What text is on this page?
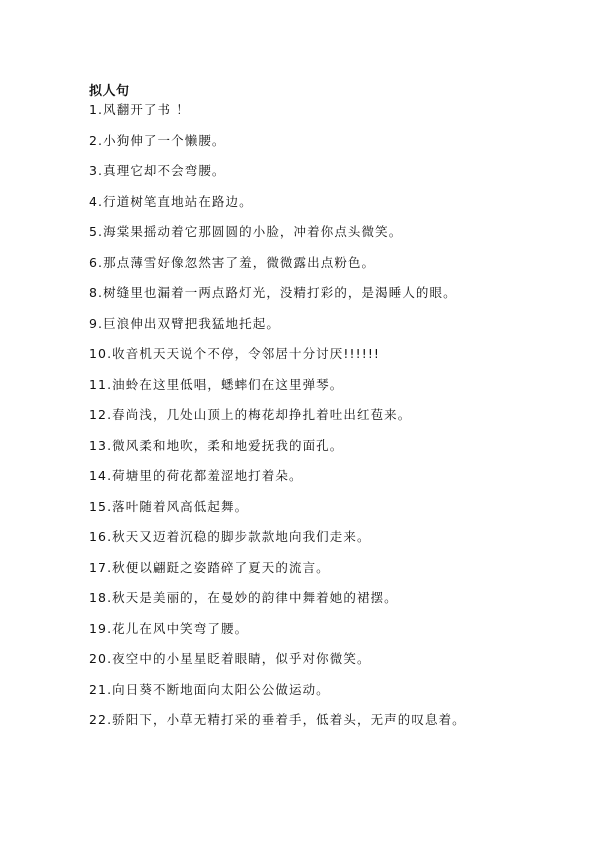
拟人句
1.风翻开了书 ！
2.小狗伸了一个懒腰。
3.真理它却不会弯腰。
4.行道树笔直地站在路边。
5.海棠果摇动着它那圆圆的小脸，冲着你点头微笑。
6.那点薄雪好像忽然害了羞，微微露出点粉色。
8.树缝里也漏着一两点路灯光，没精打彩的，是渴睡人的眼。
9.巨浪伸出双臂把我猛地托起。
10.收音机天天说个不停，令邻居十分讨厌!!!!!!
11.油蛉在这里低唱，蟋蟀们在这里弹琴。
12.春尚浅，几处山顶上的梅花却挣扎着吐出红苞来。
13.微风柔和地吹，柔和地爱抚我的面孔。
14.荷塘里的荷花都羞涩地打着朵。
15.落叶随着风高低起舞。
16.秋天又迈着沉稳的脚步款款地向我们走来。
17.秋便以翩跹之姿踏碎了夏天的流言。
18.秋天是美丽的，在曼妙的韵律中舞着她的裙摆。
19.花儿在风中笑弯了腰。
20.夜空中的小星星眨着眼睛，似乎对你微笑。
21.向日葵不断地面向太阳公公做运动。
22.骄阳下，小草无精打采的垂着手，低着头，无声的叹息着。
